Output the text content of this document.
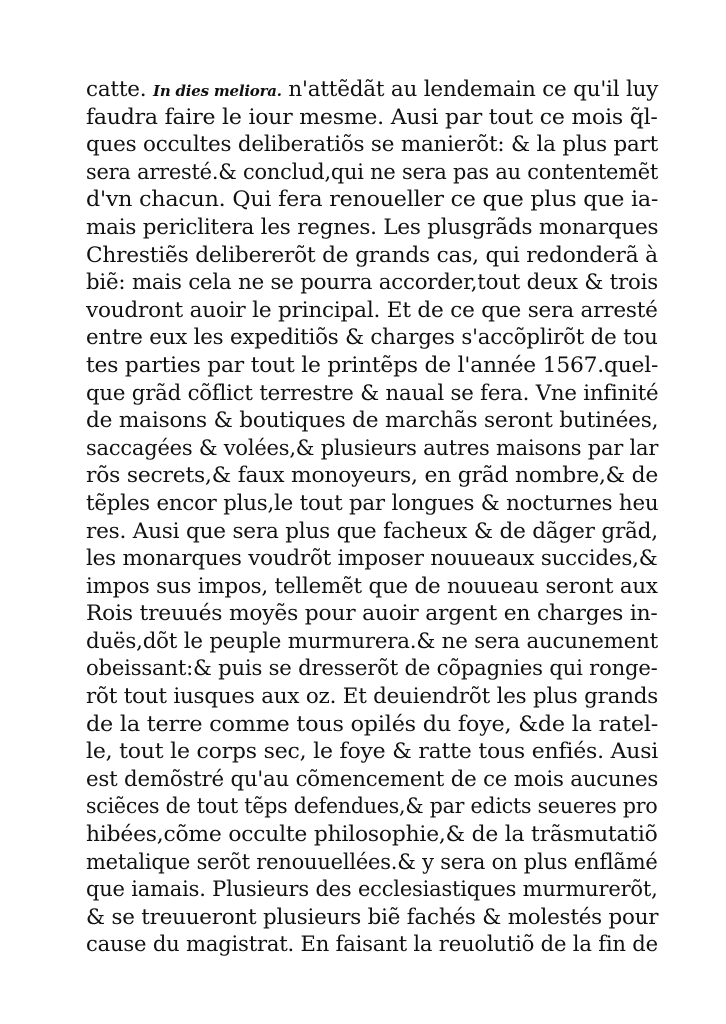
catte. In dies meliora. n'attẽdãt au lendemain ce qu'il luy
faudra faire le iour mesme. Ausi par tout ce mois q̃l-
ques occultes deliberatiõs se manierõt: & la plus part
sera arresté.& conclud,qui ne sera pas au contentemẽt
d'vn chacun. Qui fera renoueller ce que plus que ia-
mais periclitera les regnes. Les plusgrãds monarques
Chrestiẽs delibererõt de grands cas, qui redonderã à
biẽ: mais cela ne se pourra accorder,tout deux & trois
voudront auoir le principal. Et de ce que sera arresté
entre eux les expeditiõs & charges s'accõplirõt de tou
tes parties par tout le printẽps de l'année 1567.quel-
que grãd cõflict terrestre & naual se fera. Vne infinité
de maisons & boutiques de marchãs seront butinées,
saccagées & volées,& plusieurs autres maisons par lar
rõs secrets,& faux monoyeurs, en grãd nombre,& de
tẽples encor plus,le tout par longues & nocturnes heu
res. Ausi que sera plus que facheux & de dãger grãd,
les monarques voudrõt imposer nouueaux succides,&
impos sus impos, tellemẽt que de nouueau seront aux
Rois treuués moyẽs pour auoir argent en charges in-
duës,dõt le peuple murmurera.& ne sera aucunement
obeissant:& puis se dresserõt de cõpagnies qui ronge-
rõt tout iusques aux oz. Et deuiendrõt les plus grands
de la terre comme tous opilés du foye, &de la ratel-
le, tout le corps sec, le foye & ratte tous enfiés. Ausi
est demõstré qu'au cõmencement de ce mois aucunes
sciẽces de tout tẽps defendues,& par edicts seueres pro
hibées,cõme occulte philosophie,& de la trãsmutatiõ
metalique serõt renouuellées.& y sera on plus enflãmé
que iamais. Plusieurs des ecclesiastiques murmurerõt,
& se treuueront plusieurs biẽ fachés & molestés pour
cause du magistrat. En faisant la reuolutiõ de la fin de
